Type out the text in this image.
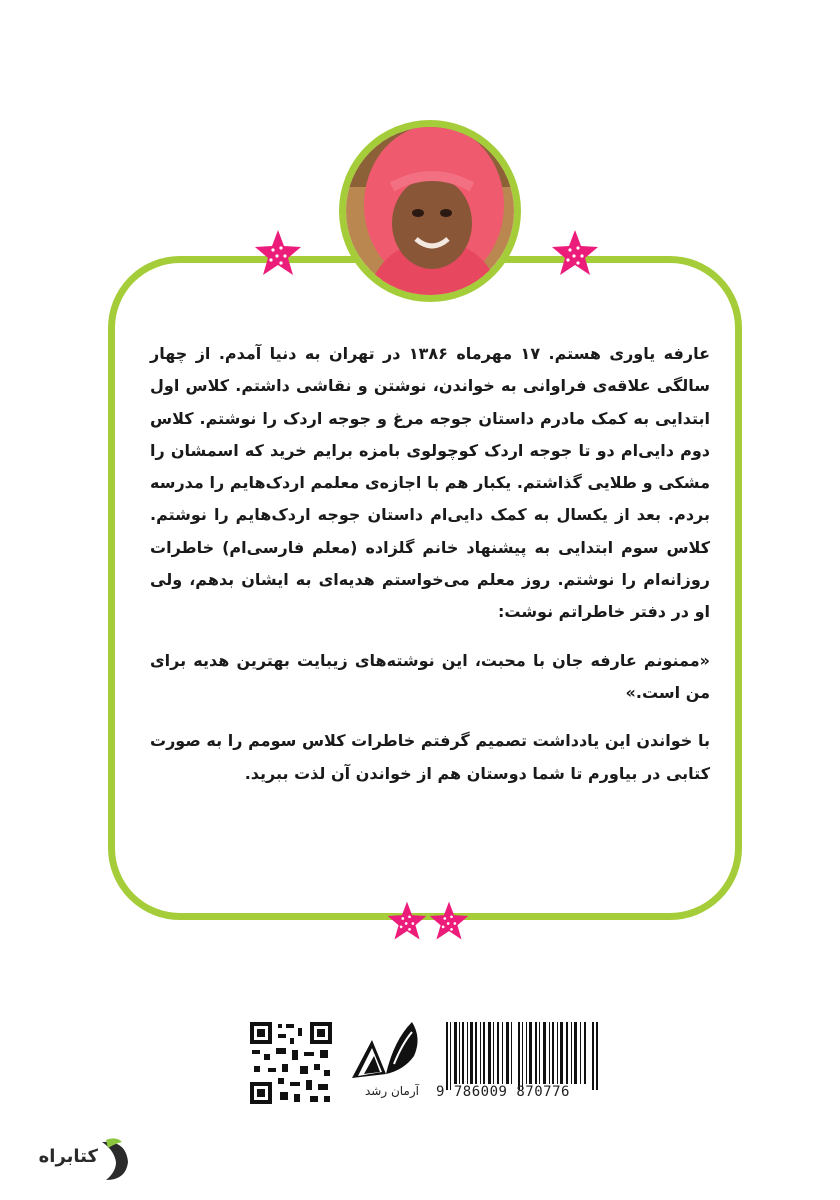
عارفه یاوری هستم. ۱۷ مهرماه ۱۳۸۶ در تهران به دنیا آمدم. از چهار سالگی علاقه‌ی فراوانی به خواندن، نوشتن و نقاشی داشتم. کلاس اول ابتدایی به کمک مادرم داستان جوجه مرغ و جوجه اردک را نوشتم. کلاس دوم دایی‌ام دو تا جوجه اردک کوچولوی بامزه برایم خرید که اسمشان را مشکی و طلایی گذاشتم. یکبار هم با اجازه‌ی معلمم اردک‌هایم را مدرسه بردم. بعد از یکسال به کمک دایی‌ام داستان جوجه اردک‌هایم را نوشتم. کلاس سوم ابتدایی به پیشنهاد خانم گلزاده (معلم فارسی‌ام) خاطرات روزانه‌ام را نوشتم. روز معلم می‌خواستم هدیه‌ای به ایشان بدهم، ولی او در دفتر خاطراتم نوشت:

«ممنونم عارفه جان با محبت، این نوشته‌های زیبایت بهترین هدیه برای من است.»

با خواندن این یادداشت تصمیم گرفتم خاطرات کلاس سومم را به صورت کتابی در بیاورم تا شما دوستان هم از خواندن آن لذت ببرید.

آرمان رشد	9 786009 870776
کتابراه
